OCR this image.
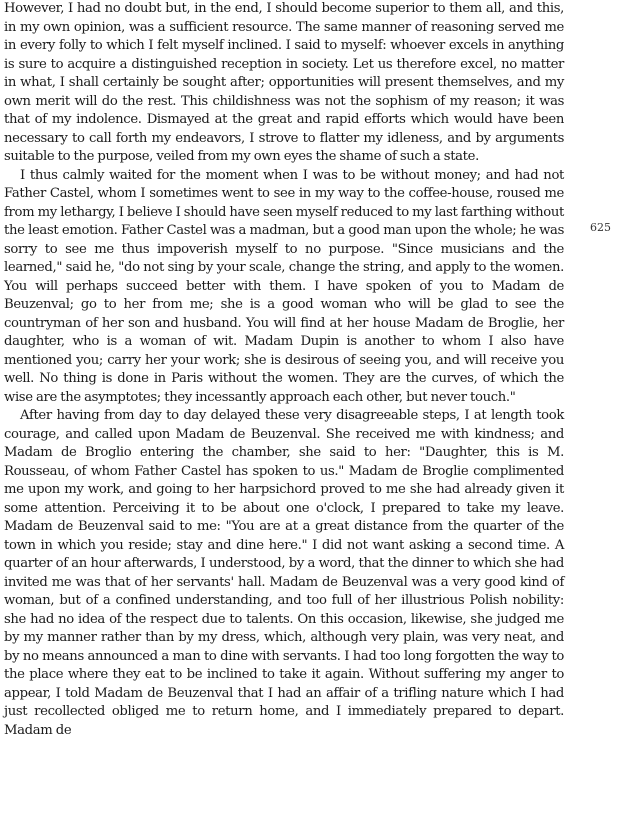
However, I had no doubt but, in the end, I should become superior to them all, and this, in my own opinion, was a sufficient resource. The same manner of reasoning served me in every folly to which I felt myself inclined. I said to myself: whoever excels in anything is sure to acquire a distinguished reception in society. Let us therefore excel, no matter in what, I shall certainly be sought after; opportunities will present themselves, and my own merit will do the rest. This childishness was not the sophism of my reason; it was that of my indolence. Dismayed at the great and rapid efforts which would have been necessary to call forth my endeavors, I strove to flatter my idleness, and by arguments suitable to the purpose, veiled from my own eyes the shame of such a state.

I thus calmly waited for the moment when I was to be without money; and had not Father Castel, whom I sometimes went to see in my way to the coffee-house, roused me from my lethargy, I believe I should have seen myself reduced to my last farthing without the least emotion. Father Castel was a madman, but a good man upon the whole; he was sorry to see me thus impoverish myself to no purpose. "Since musicians and the learned," said he, "do not sing by your scale, change the string, and apply to the women. You will perhaps succeed better with them. I have spoken of you to Madam de Beuzenval; go to her from me; she is a good woman who will be glad to see the countryman of her son and husband. You will find at her house Madam de Broglie, her daughter, who is a woman of wit. Madam Dupin is another to whom I also have mentioned you; carry her your work; she is desirous of seeing you, and will receive you well. No thing is done in Paris without the women. They are the curves, of which the wise are the asymptotes; they incessantly approach each other, but never touch."

After having from day to day delayed these very disagreeable steps, I at length took courage, and called upon Madam de Beuzenval. She received me with kindness; and Madam de Broglio entering the chamber, she said to her: "Daughter, this is M. Rousseau, of whom Father Castel has spoken to us." Madam de Broglie complimented me upon my work, and going to her harpsichord proved to me she had already given it some attention. Perceiving it to be about one o'clock, I prepared to take my leave. Madam de Beuzenval said to me: "You are at a great distance from the quarter of the town in which you reside; stay and dine here." I did not want asking a second time. A quarter of an hour afterwards, I understood, by a word, that the dinner to which she had invited me was that of her servants' hall. Madam de Beuzenval was a very good kind of woman, but of a confined understanding, and too full of her illustrious Polish nobility: she had no idea of the respect due to talents. On this occasion, likewise, she judged me by my manner rather than by my dress, which, although very plain, was very neat, and by no means announced a man to dine with servants. I had too long forgotten the way to the place where they eat to be inclined to take it again. Without suffering my anger to appear, I told Madam de Beuzenval that I had an affair of a trifling nature which I had just recollected obliged me to return home, and I immediately prepared to depart. Madam de

625
